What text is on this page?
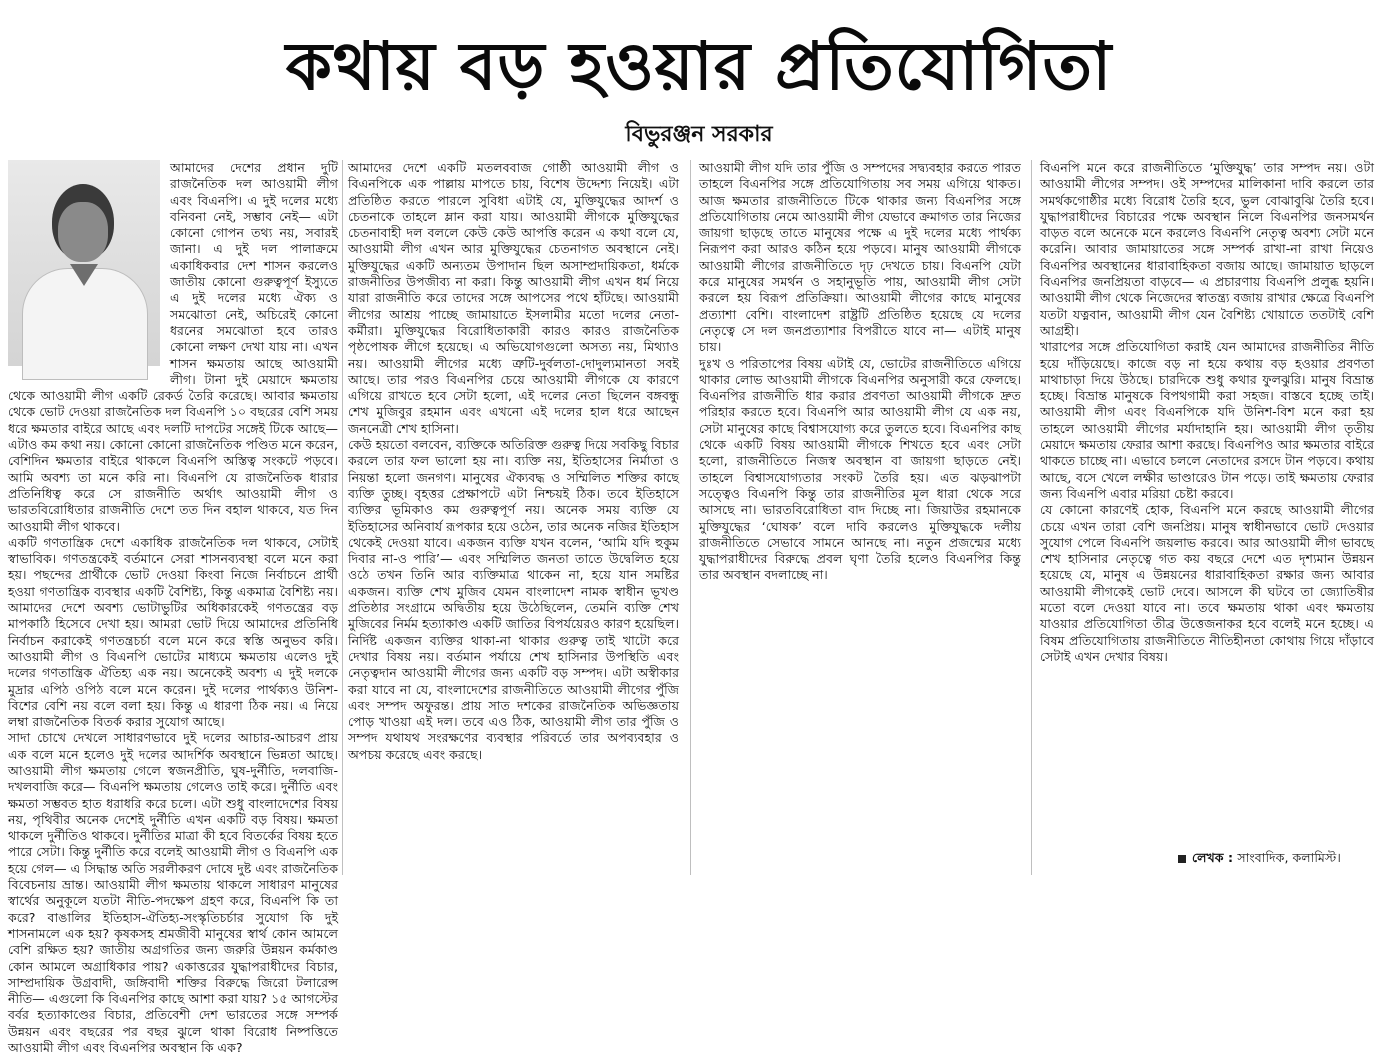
কথায় বড় হওয়ার প্রতিযোগিতা
বিভুরঞ্জন সরকার

আমাদের দেশের প্রধান দুটি রাজনৈতিক দল আওয়ামী লীগ এবং বিএনপি। এ দুই দলের মধ্যে বনিবনা নেই, সম্ভাব নেই— এটা কোনো গোপন তথ্য নয়, সবারই জানা। এ দুই দল পালাক্রমে একাধিকবার দেশ শাসন করলেও জাতীয় কোনো গুরুত্বপূর্ণ ইস্যুতে এ দুই দলের মধ্যে ঐক্য ও সমঝোতা নেই, অচিরেই কোনো ধরনের সমঝোতা হবে তারও কোনো লক্ষণ দেখা যায় না। এখন শাসন ক্ষমতায় আছে আওয়ামী লীগ। টানা দুই মেয়াদে ক্ষমতায় থেকে আওয়ামী লীগ একটি রেকর্ড তৈরি করেছে। আবার ক্ষমতায় থেকে ভোট দেওয়া রাজনৈতিক দল বিএনপি ১০ বছরের বেশি সময় ধরে ক্ষমতার বাইরে আছে এবং দলটি দাপটের সঙ্গেই টিকে আছে— এটাও কম কথা নয়। কোনো কোনো রাজনৈতিক পণ্ডিত মনে করেন, বেশিদিন ক্ষমতার বাইরে থাকলে বিএনপি অস্তিত্ব সংকটে পড়বে। আমি অবশ্য তা মনে করি না। বিএনপি যে রাজনৈতিক ধারার প্রতিনিধিত্ব করে সে রাজনীতি অর্থাৎ আওয়ামী লীগ ও ভারতবিরোধিতার রাজনীতি দেশে তত দিন বহাল থাকবে, যত দিন আওয়ামী লীগ থাকবে।

একটি গণতান্ত্রিক দেশে একাধিক রাজনৈতিক দল থাকবে, সেটাই স্বাভাবিক। গণতন্ত্রকেই বর্তমানে সেরা শাসনব্যবস্থা বলে মনে করা হয়। পছন্দের প্রার্থীকে ভোট দেওয়া কিংবা নিজে নির্বাচনে প্রার্থী হওয়া গণতান্ত্রিক ব্যবস্থার একটি বৈশিষ্ট্য, কিন্তু একমাত্র বৈশিষ্ট্য নয়। আমাদের দেশে অবশ্য ভোটাভুটির অধিকারকেই গণতন্ত্রের বড় মাপকাঠি হিসেবে দেখা হয়। আমরা ভোট দিয়ে আমাদের প্রতিনিধি নির্বাচন করাকেই গণতন্ত্রচর্চা বলে মনে করে স্বস্তি অনুভব করি। আওয়ামী লীগ ও বিএনপি ভোটের মাধ্যমে ক্ষমতায় এলেও দুই দলের গণতান্ত্রিক ঐতিহ্য এক নয়। অনেকেই অবশ্য এ দুই দলকে মুদ্রার এপিঠ ওপিঠ বলে মনে করেন। দুই দলের পার্থক্যও উনিশ-বিশের বেশি নয় বলে বলা হয়। কিন্তু এ ধারণা ঠিক নয়। এ নিয়ে লম্বা রাজনৈতিক বিতর্ক করার সুযোগ আছে।

সাদা চোখে দেখলে সাধারণভাবে দুই দলের আচার-আচরণ প্রায় এক বলে মনে হলেও দুই দলের আদর্শিক অবস্থানে ভিন্নতা আছে। আওয়ামী লীগ ক্ষমতায় গেলে স্বজনপ্রীতি, ঘুষ-দুর্নীতি, দলবাজি-দখলবাজি করে— বিএনপি ক্ষমতায় গেলেও তাই করে। দুর্নীতি এবং ক্ষমতা সম্ভবত হাত ধরাধরি করে চলে। এটা শুধু বাংলাদেশের বিষয় নয়, পৃথিবীর অনেক দেশেই দুর্নীতি এখন একটি বড় বিষয়। ক্ষমতা থাকলে দুর্নীতিও থাকবে। দুর্নীতির মাত্রা কী হবে বিতর্কের বিষয় হতে পারে সেটা। কিন্তু দুর্নীতি করে বলেই আওয়ামী লীগ ও বিএনপি এক হয়ে গেল— এ সিদ্ধান্ত অতি সরলীকরণ দোষে দুষ্ট এবং রাজনৈতিক বিবেচনায় ভ্রান্ত। আওয়ামী লীগ ক্ষমতায় থাকলে সাধারণ মানুষের স্বার্থের অনুকূলে যতটা নীতি-পদক্ষেপ গ্রহণ করে, বিএনপি কি তা করে? বাঙালির ইতিহাস-ঐতিহ্য-সংস্কৃতিচর্চার সুযোগ কি দুই শাসনামলে এক হয়? কৃষকসহ শ্রমজীবী মানুষের স্বার্থ কোন আমলে বেশি রক্ষিত হয়? জাতীয় অগ্রগতির জন্য জরুরি উন্নয়ন কর্মকাণ্ড কোন আমলে অগ্রাধিকার পায়? একাত্তরের যুদ্ধাপরাধীদের বিচার, সাম্প্রদায়িক উগ্রবাদী, জঙ্গিবাদী শক্তির বিরুদ্ধে জিরো টলারেন্স নীতি— এগুলো কি বিএনপির কাছে আশা করা যায়? ১৫ আগস্টের বর্বর হত্যাকাণ্ডের বিচার, প্রতিবেশী দেশ ভারতের সঙ্গে সম্পর্ক উন্নয়ন এবং বছরের পর বছর ঝুলে থাকা বিরোধ নিষ্পত্তিতে আওয়ামী লীগ এবং বিএনপির অবস্থান কি এক?

আমাদের দেশে একটি মতলববাজ গোষ্ঠী আওয়ামী লীগ ও বিএনপিকে এক পাল্লায় মাপতে চায়, বিশেষ উদ্দেশ্য নিয়েই। এটা প্রতিষ্ঠিত করতে পারলে সুবিধা এটাই যে, মুক্তিযুদ্ধের আদর্শ ও চেতনাকে তাহলে ম্লান করা যায়। আওয়ামী লীগকে মুক্তিযুদ্ধের চেতনাবাহী দল বললে কেউ কেউ আপত্তি করেন এ কথা বলে যে, আওয়ামী লীগ এখন আর মুক্তিযুদ্ধের চেতনাগত অবস্থানে নেই। মুক্তিযুদ্ধের একটি অন্যতম উপাদান ছিল অসাম্প্রদায়িকতা, ধর্মকে রাজনীতির উপজীব্য না করা। কিন্তু আওয়ামী লীগ এখন ধর্ম নিয়ে যারা রাজনীতি করে তাদের সঙ্গে আপসের পথে হাঁটছে। আওয়ামী লীগের আশ্রয় পাচ্ছে জামায়াতে ইসলামীর মতো দলের নেতা-কর্মীরা। মুক্তিযুদ্ধের বিরোধিতাকারী কারও কারও রাজনৈতিক পৃষ্ঠপোষক লীগে হয়েছে। এ অভিযোগগুলো অসত্য নয়, মিথ্যাও নয়। আওয়ামী লীগের মধ্যে ত্রুটি-দুর্বলতা-দোদুল্যমানতা সবই আছে। তার পরও বিএনপির চেয়ে আওয়ামী লীগকে যে কারণে এগিয়ে রাখতে হবে সেটা হলো, এই দলের নেতা ছিলেন বঙ্গবন্ধু শেখ মুজিবুর রহমান এবং এখনো এই দলের হাল ধরে আছেন জননেত্রী শেখ হাসিনা।

কেউ হয়তো বলবেন, ব্যক্তিকে অতিরিক্ত গুরুত্ব দিয়ে সবকিছু বিচার করলে তার ফল ভালো হয় না। ব্যক্তি নয়, ইতিহাসের নির্মাতা ও নিয়ন্তা হলো জনগণ। মানুষের ঐক্যবদ্ধ ও সম্মিলিত শক্তির কাছে ব্যক্তি তুচ্ছ। বৃহত্তর প্রেক্ষাপটে এটা নিশ্চয়ই ঠিক। তবে ইতিহাসে ব্যক্তির ভূমিকাও কম গুরুত্বপূর্ণ নয়। অনেক সময় ব্যক্তি যে ইতিহাসের অনিবার্য রূপকার হয়ে ওঠেন, তার অনেক নজির ইতিহাস থেকেই দেওয়া যাবে। একজন ব্যক্তি যখন বলেন, ‘আমি যদি হুকুম দিবার না-ও পারি’— এবং সম্মিলিত জনতা তাতে উদ্বেলিত হয়ে ওঠে তখন তিনি আর ব্যক্তিমাত্র থাকেন না, হয়ে যান সমষ্টির একজন। ব্যক্তি শেখ মুজিব যেমন বাংলাদেশ নামক স্বাধীন ভূখণ্ড প্রতিষ্ঠার সংগ্রামে অদ্বিতীয় হয়ে উঠেছিলেন, তেমনি ব্যক্তি শেখ মুজিবের নির্মম হত্যাকাণ্ড একটি জাতির বিপর্যয়েরও কারণ হয়েছিল। নির্দিষ্ট একজন ব্যক্তির থাকা-না থাকার গুরুত্ব তাই খাটো করে দেখার বিষয় নয়। বর্তমান পর্যায়ে শেখ হাসিনার উপস্থিতি এবং নেতৃত্বদান আওয়ামী লীগের জন্য একটি বড় সম্পদ। এটা অস্বীকার করা যাবে না যে, বাংলাদেশের রাজনীতিতে আওয়ামী লীগের পুঁজি এবং সম্পদ অফুরন্ত। প্রায় সাত দশকের রাজনৈতিক অভিজ্ঞতায় পোড় খাওয়া এই দল। তবে এও ঠিক, আওয়ামী লীগ তার পুঁজি ও সম্পদ যথাযথ সংরক্ষণের ব্যবস্থার পরিবর্তে তার অপব্যবহার ও অপচয় করেছে এবং করছে।

আওয়ামী লীগ যদি তার পুঁজি ও সম্পদের সদ্ব্যবহার করতে পারত তাহলে বিএনপির সঙ্গে প্রতিযোগিতায় সব সময় এগিয়ে থাকত। আজ ক্ষমতার রাজনীতিতে টিকে থাকার জন্য বিএনপির সঙ্গে প্রতিযোগিতায় নেমে আওয়ামী লীগ যেভাবে ক্রমাগত তার নিজের জায়গা ছাড়ছে তাতে মানুষের পক্ষে এ দুই দলের মধ্যে পার্থক্য নিরূপণ করা আরও কঠিন হয়ে পড়বে। মানুষ আওয়ামী লীগকে আওয়ামী লীগের রাজনীতিতে দৃঢ় দেখতে চায়। বিএনপি যেটা করে মানুষের সমর্থন ও সহানুভূতি পায়, আওয়ামী লীগ সেটা করলে হয় বিরূপ প্রতিক্রিয়া। আওয়ামী লীগের কাছে মানুষের প্রত্যাশা বেশি। বাংলাদেশ রাষ্ট্রটি প্রতিষ্ঠিত হয়েছে যে দলের নেতৃত্বে সে দল জনপ্রত্যাশার বিপরীতে যাবে না— এটাই মানুষ চায়।

দুঃখ ও পরিতাপের বিষয় এটাই যে, ভোটের রাজনীতিতে এগিয়ে থাকার লোভ আওয়ামী লীগকে বিএনপির অনুসারী করে ফেলছে। বিএনপির রাজনীতি ধার করার প্রবণতা আওয়ামী লীগকে দ্রুত পরিহার করতে হবে। বিএনপি আর আওয়ামী লীগ যে এক নয়, সেটা মানুষের কাছে বিশ্বাসযোগ্য করে তুলতে হবে। বিএনপির কাছ থেকে একটি বিষয় আওয়ামী লীগকে শিখতে হবে এবং সেটা হলো, রাজনীতিতে নিজস্ব অবস্থান বা জায়গা ছাড়তে নেই। তাহলে বিশ্বাসযোগ্যতার সংকট তৈরি হয়। এত ঝড়ঝাপটা সত্ত্বেও বিএনপি কিন্তু তার রাজনীতির মূল ধারা থেকে সরে আসছে না। ভারতবিরোধিতা বাদ দিচ্ছে না। জিয়াউর রহমানকে মুক্তিযুদ্ধের ‘ঘোষক’ বলে দাবি করলেও মুক্তিযুদ্ধকে দলীয় রাজনীতিতে সেভাবে সামনে আনছে না। নতুন প্রজন্মের মধ্যে যুদ্ধাপরাধীদের বিরুদ্ধে প্রবল ঘৃণা তৈরি হলেও বিএনপির কিন্তু তার অবস্থান বদলাচ্ছে না।

বিএনপি মনে করে রাজনীতিতে ‘মুক্তিযুদ্ধ’ তার সম্পদ নয়। ওটা আওয়ামী লীগের সম্পদ। ওই সম্পদের মালিকানা দাবি করলে তার সমর্থকগোষ্ঠীর মধ্যে বিরোধ তৈরি হবে, ভুল বোঝাবুঝি তৈরি হবে। যুদ্ধাপরাধীদের বিচারের পক্ষে অবস্থান নিলে বিএনপির জনসমর্থন বাড়ত বলে অনেকে মনে করলেও বিএনপি নেতৃত্ব অবশ্য সেটা মনে করেনি। আবার জামায়াতের সঙ্গে সম্পর্ক রাখা-না রাখা নিয়েও বিএনপির অবস্থানের ধারাবাহিকতা বজায় আছে। জামায়াত ছাড়লে বিএনপির জনপ্রিয়তা বাড়বে— এ প্রচারণায় বিএনপি প্রলুব্ধ হয়নি। আওয়ামী লীগ থেকে নিজেদের স্বাতন্ত্র্য বজায় রাখার ক্ষেত্রে বিএনপি যতটা যত্নবান, আওয়ামী লীগ যেন বৈশিষ্ট্য খোয়াতে ততটাই বেশি আগ্রহী।

খারাপের সঙ্গে প্রতিযোগিতা করাই যেন আমাদের রাজনীতির নীতি হয়ে দাঁড়িয়েছে। কাজে বড় না হয়ে কথায় বড় হওয়ার প্রবণতা মাথাচাড়া দিয়ে উঠছে। চারদিকে শুধু কথার ফুলঝুরি। মানুষ বিভ্রান্ত হচ্ছে। বিভ্রান্ত মানুষকে বিপথগামী করা সহজ। বাস্তবে হচ্ছে তাই। আওয়ামী লীগ এবং বিএনপিকে যদি উনিশ-বিশ মনে করা হয় তাহলে আওয়ামী লীগের মর্যাদাহানি হয়। আওয়ামী লীগ তৃতীয় মেয়াদে ক্ষমতায় ফেরার আশা করছে। বিএনপিও আর ক্ষমতার বাইরে থাকতে চাচ্ছে না। এভাবে চললে নেতাদের রসদে টান পড়বে। কথায় আছে, বসে খেলে লক্ষীর ভাণ্ডারেও টান পড়ে। তাই ক্ষমতায় ফেরার জন্য বিএনপি এবার মরিয়া চেষ্টা করবে।

যে কোনো কারণেই হোক, বিএনপি মনে করছে আওয়ামী লীগের চেয়ে এখন তারা বেশি জনপ্রিয়। মানুষ স্বাধীনভাবে ভোট দেওয়ার সুযোগ পেলে বিএনপি জয়লাভ করবে। আর আওয়ামী লীগ ভাবছে শেখ হাসিনার নেতৃত্বে গত কয় বছরে দেশে এত দৃশ্যমান উন্নয়ন হয়েছে যে, মানুষ এ উন্নয়নের ধারাবাহিকতা রক্ষার জন্য আবার আওয়ামী লীগকেই ভোট দেবে। আসলে কী ঘটবে তা জ্যোতিষীর মতো বলে দেওয়া যাবে না। তবে ক্ষমতায় থাকা এবং ক্ষমতায় যাওয়ার প্রতিযোগিতা তীব্র উত্তেজনাকর হবে বলেই মনে হচ্ছে। এ বিষম প্রতিযোগিতায় রাজনীতিতে নীতিহীনতা কোথায় গিয়ে দাঁড়াবে সেটাই এখন দেখার বিষয়।

লেখক : সাংবাদিক, কলামিস্ট।
